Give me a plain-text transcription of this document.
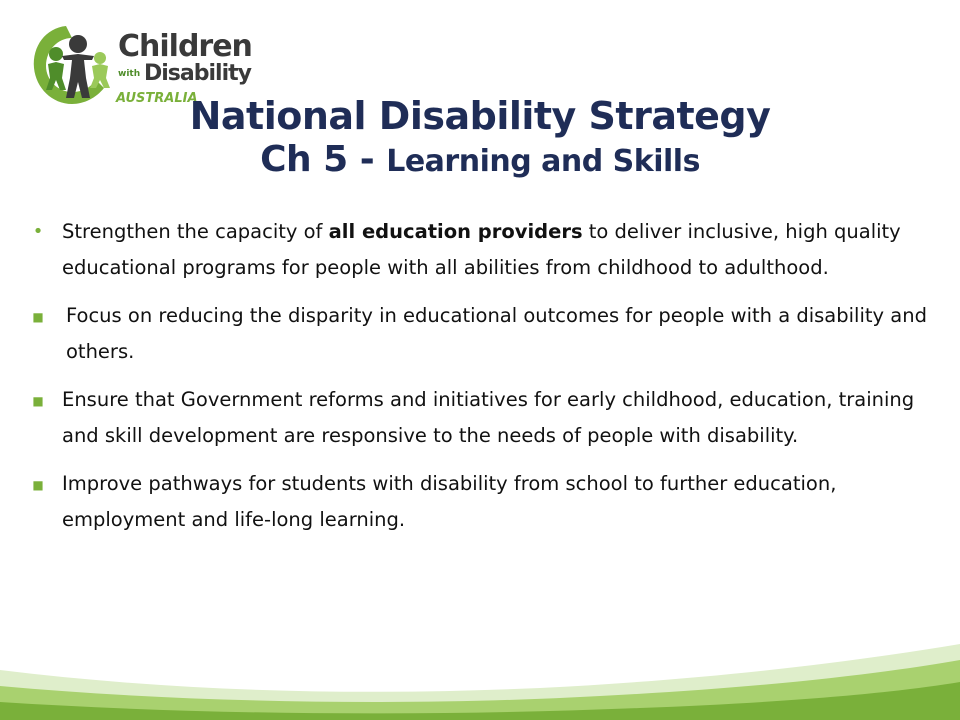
Children
with Disability
AUSTRALIA
National Disability Strategy
Ch 5 - Learning and Skills
• Strengthen the capacity of all education providers to deliver inclusive, high quality educational programs for people with all abilities from childhood to adulthood.
■ Focus on reducing the disparity in educational outcomes for people with a disability and others.
■ Ensure that Government reforms and initiatives for early childhood, education, training and skill development are responsive to the needs of people with disability.
■ Improve pathways for students with disability from school to further education, employment and life-long learning.
